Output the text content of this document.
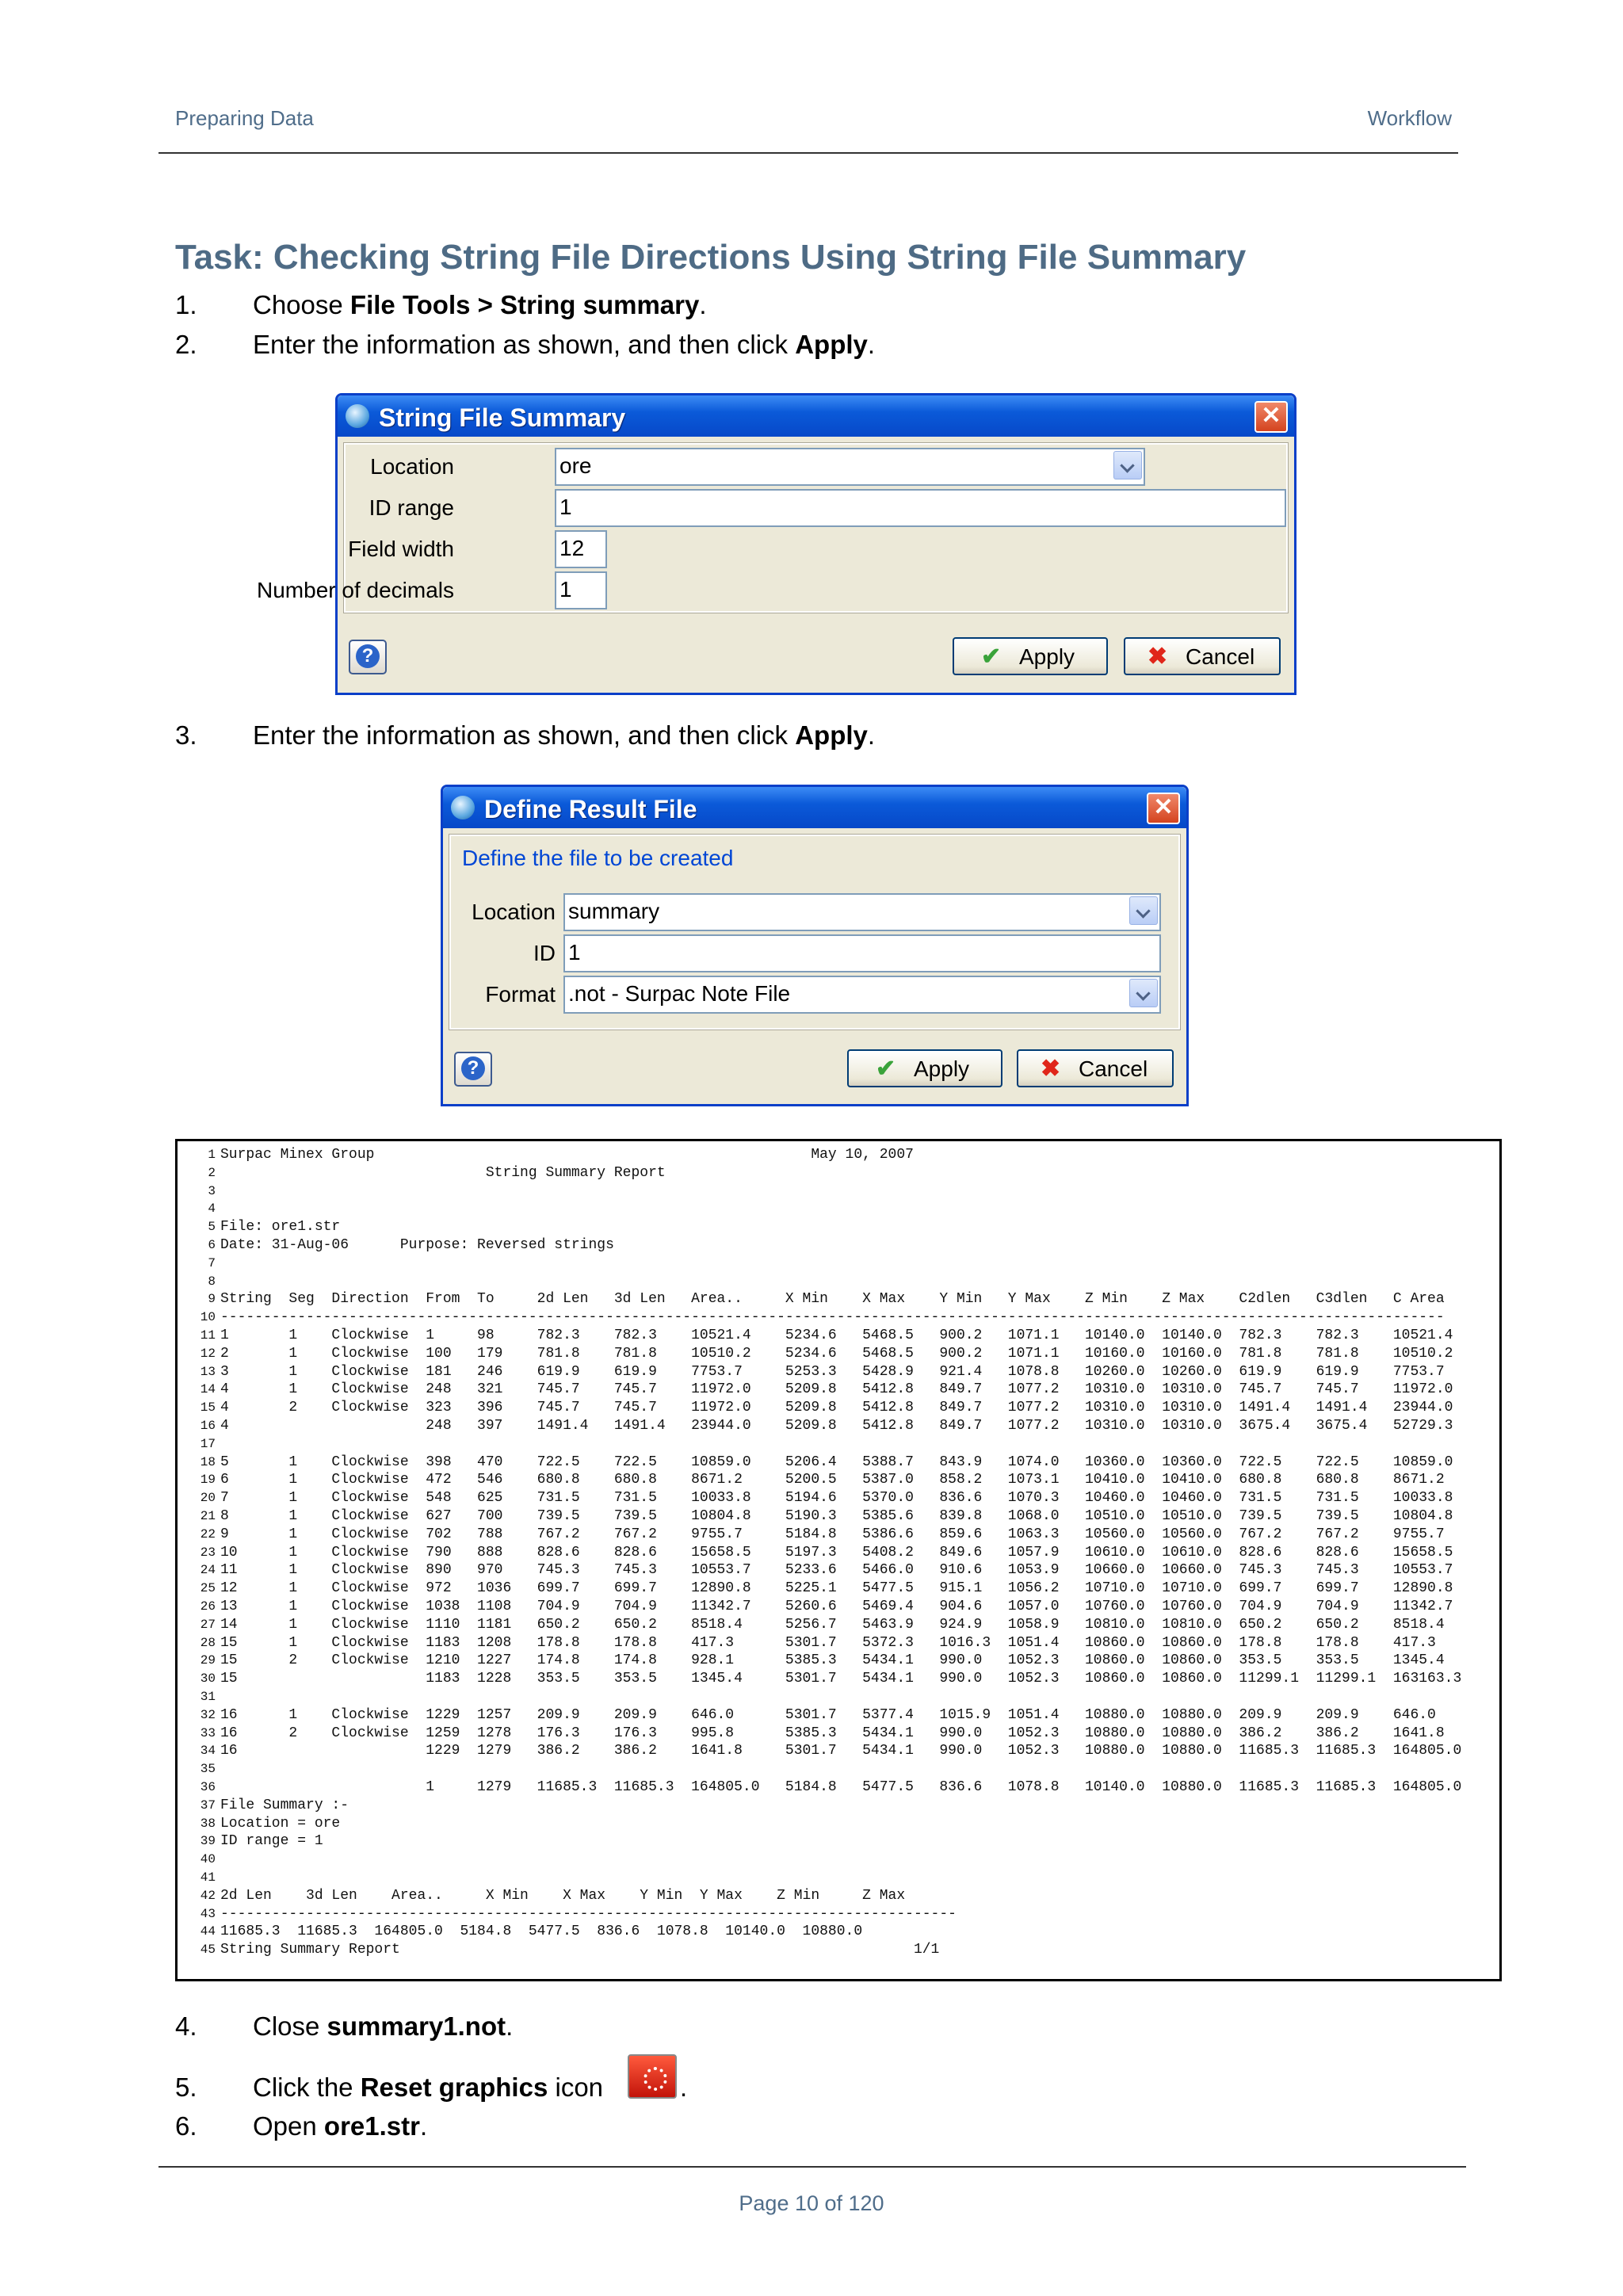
Preparing Data	Workflow
Task: Checking String File Directions Using String File Summary
1. Choose File Tools > String summary.
2. Enter the information as shown, and then click Apply.
String File Summary	✕
Location	ore
ID range	1
Field width	12
Number of decimals	1
?	✔ Apply	✖ Cancel
3. Enter the information as shown, and then click Apply.
Define Result File	✕
Define the file to be created
Location summary
ID 1
Format .not - Surpac Note File
?	✔ Apply	✖ Cancel
1 Surpac Minex Group                                                   May 10, 2007
2 String Summary Report
3
4
5 File: ore1.str
6 Date: 31-Aug-06      Purpose: Reversed strings
7
8
9 String  Seg  Direction  From  To     2d Len   3d Len   Area..     X Min    X Max    Y Min   Y Max    Z Min    Z Max    C2dlen   C3dlen   C Area
10 -----------------------------------------------------------------------------------------------------------------------------------------------
11 1       1    Clockwise  1     98     782.3    782.3    10521.4    5234.6   5468.5   900.2   1071.1   10140.0  10140.0  782.3    782.3    10521.4
12 2       1    Clockwise  100   179    781.8    781.8    10510.2    5234.6   5468.5   900.2   1071.1   10160.0  10160.0  781.8    781.8    10510.2
13 3       1    Clockwise  181   246    619.9    619.9    7753.7     5253.3   5428.9   921.4   1078.8   10260.0  10260.0  619.9    619.9    7753.7
14 4       1    Clockwise  248   321    745.7    745.7    11972.0    5209.8   5412.8   849.7   1077.2   10310.0  10310.0  745.7    745.7    11972.0
15 4       2    Clockwise  323   396    745.7    745.7    11972.0    5209.8   5412.8   849.7   1077.2   10310.0  10310.0  1491.4   1491.4   23944.0
16 4                       248   397    1491.4   1491.4   23944.0    5209.8   5412.8   849.7   1077.2   10310.0  10310.0  3675.4   3675.4   52729.3
17
18 5       1    Clockwise  398   470    722.5    722.5    10859.0    5206.4   5388.7   843.9   1074.0   10360.0  10360.0  722.5    722.5    10859.0
19 6       1    Clockwise  472   546    680.8    680.8    8671.2     5200.5   5387.0   858.2   1073.1   10410.0  10410.0  680.8    680.8    8671.2
20 7       1    Clockwise  548   625    731.5    731.5    10033.8    5194.6   5370.0   836.6   1070.3   10460.0  10460.0  731.5    731.5    10033.8
21 8       1    Clockwise  627   700    739.5    739.5    10804.8    5190.3   5385.6   839.8   1068.0   10510.0  10510.0  739.5    739.5    10804.8
22 9       1    Clockwise  702   788    767.2    767.2    9755.7     5184.8   5386.6   859.6   1063.3   10560.0  10560.0  767.2    767.2    9755.7
23 10      1    Clockwise  790   888    828.6    828.6    15658.5    5197.3   5408.2   849.6   1057.9   10610.0  10610.0  828.6    828.6    15658.5
24 11      1    Clockwise  890   970    745.3    745.3    10553.7    5233.6   5466.0   910.6   1053.9   10660.0  10660.0  745.3    745.3    10553.7
25 12      1    Clockwise  972   1036   699.7    699.7    12890.8    5225.1   5477.5   915.1   1056.2   10710.0  10710.0  699.7    699.7    12890.8
26 13      1    Clockwise  1038  1108   704.9    704.9    11342.7    5260.6   5469.4   904.6   1057.0   10760.0  10760.0  704.9    704.9    11342.7
27 14      1    Clockwise  1110  1181   650.2    650.2    8518.4     5256.7   5463.9   924.9   1058.9   10810.0  10810.0  650.2    650.2    8518.4
28 15      1    Clockwise  1183  1208   178.8    178.8    417.3      5301.7   5372.3   1016.3  1051.4   10860.0  10860.0  178.8    178.8    417.3
29 15      2    Clockwise  1210  1227   174.8    174.8    928.1      5385.3   5434.1   990.0   1052.3   10860.0  10860.0  353.5    353.5    1345.4
30 15                      1183  1228   353.5    353.5    1345.4     5301.7   5434.1   990.0   1052.3   10860.0  10860.0  11299.1  11299.1  163163.3
31
32 16      1    Clockwise  1229  1257   209.9    209.9    646.0      5301.7   5377.4   1015.9  1051.4   10880.0  10880.0  209.9    209.9    646.0
33 16      2    Clockwise  1259  1278   176.3    176.3    995.8      5385.3   5434.1   990.0   1052.3   10880.0  10880.0  386.2    386.2    1641.8
34 16                      1229  1279   386.2    386.2    1641.8     5301.7   5434.1   990.0   1052.3   10880.0  10880.0  11685.3  11685.3  164805.0
35
36 1     1279   11685.3  11685.3  164805.0   5184.8   5477.5   836.6   1078.8   10140.0  10880.0  11685.3  11685.3  164805.0
37 File Summary :-
38 Location = ore
39 ID range = 1
40
41
42 2d Len    3d Len    Area..     X Min    X Max    Y Min  Y Max    Z Min     Z Max
43 --------------------------------------------------------------------------------------
44 11685.3  11685.3  164805.0  5184.8  5477.5  836.6  1078.8  10140.0  10880.0
45 String Summary Report                                                            1/1
4. Close summary1.not.
5. Click the Reset graphics icon	.
6. Open ore1.str.
Page 10 of 120
